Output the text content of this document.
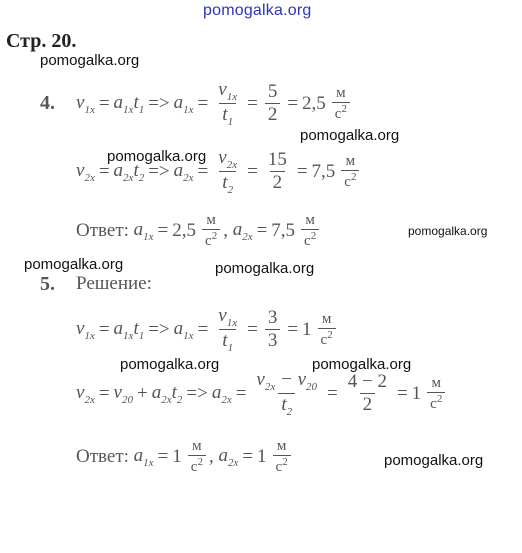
pomogalka.org
Стр. 20.
pomogalka.org
4. $v_{1x} = a_{1x}t_1 => a_{1x} = \frac{v_{1x}}{t_1} = \frac{5}{2} = 2,5 \frac{м}{с^2}$
pomogalka.org
pomogalka.org
$v_{2x} = a_{2x}t_2 => a_{2x} = \frac{v_{2x}}{t_2} = \frac{15}{2} = 7,5 \frac{м}{с^2}$
Ответ:
$a_{1x} = 2,5 \frac{м}{с^2}$ , $a_{2x} = 7,5 \frac{м}{с^2}$	pomogalka.org
pomogalka.org	pomogalka.org
5. Решение:
$v_{1x} = a_{1x}t_1 => a_{1x} = \frac{v_{1x}}{t_1} = \frac{3}{3} = 1 \frac{м}{с^2}$
pomogalka.org	pomogalka.org
$v_{2x} = v_{20} + a_{2x}t_2 => a_{2x} = \frac{v_{2x} - v_{20}}{t_2} = \frac{4 - 2}{2} = 1 \frac{м}{с^2}$
Ответ:
$a_{1x} = 1 \frac{м}{с^2}$ , $a_{2x} = 1 \frac{м}{с^2}$	pomogalka.org
